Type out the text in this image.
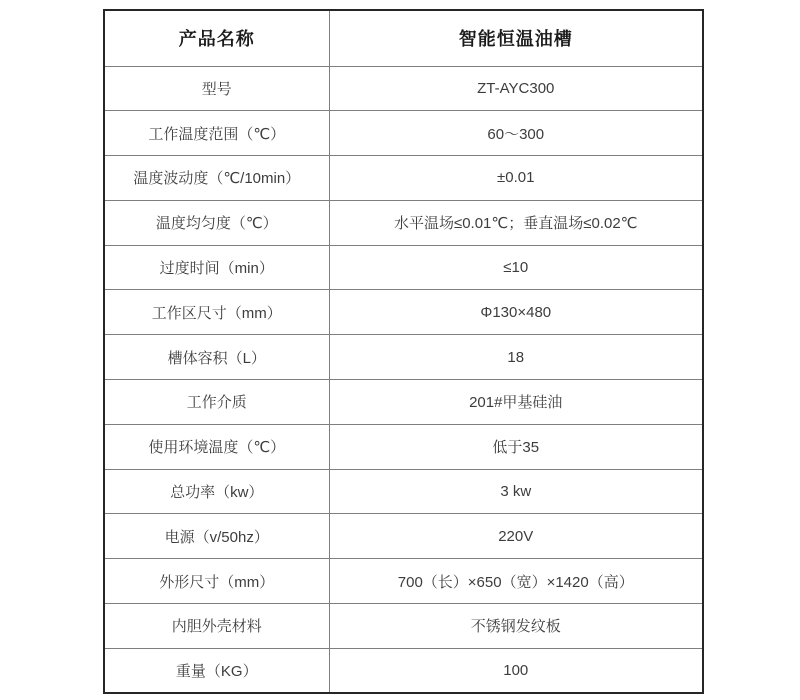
产品名称	智能恒温油槽
型号	ZT-AYC300
工作温度范围（℃）	60～300
温度波动度（℃/10min）	±0.01
温度均匀度（℃）	水平温场≤0.01℃；垂直温场≤0.02℃
过度时间（min）	≤10
工作区尺寸（mm）	Φ130×480
槽体容积（L）	18
工作介质	201#甲基硅油
使用环境温度（℃）	低于35
总功率（kw）	3 kw
电源（v/50hz）	220V
外形尺寸（mm）	700（长）×650（宽）×1420（高）
内胆外壳材料	不锈钢发纹板
重量（KG）	100
